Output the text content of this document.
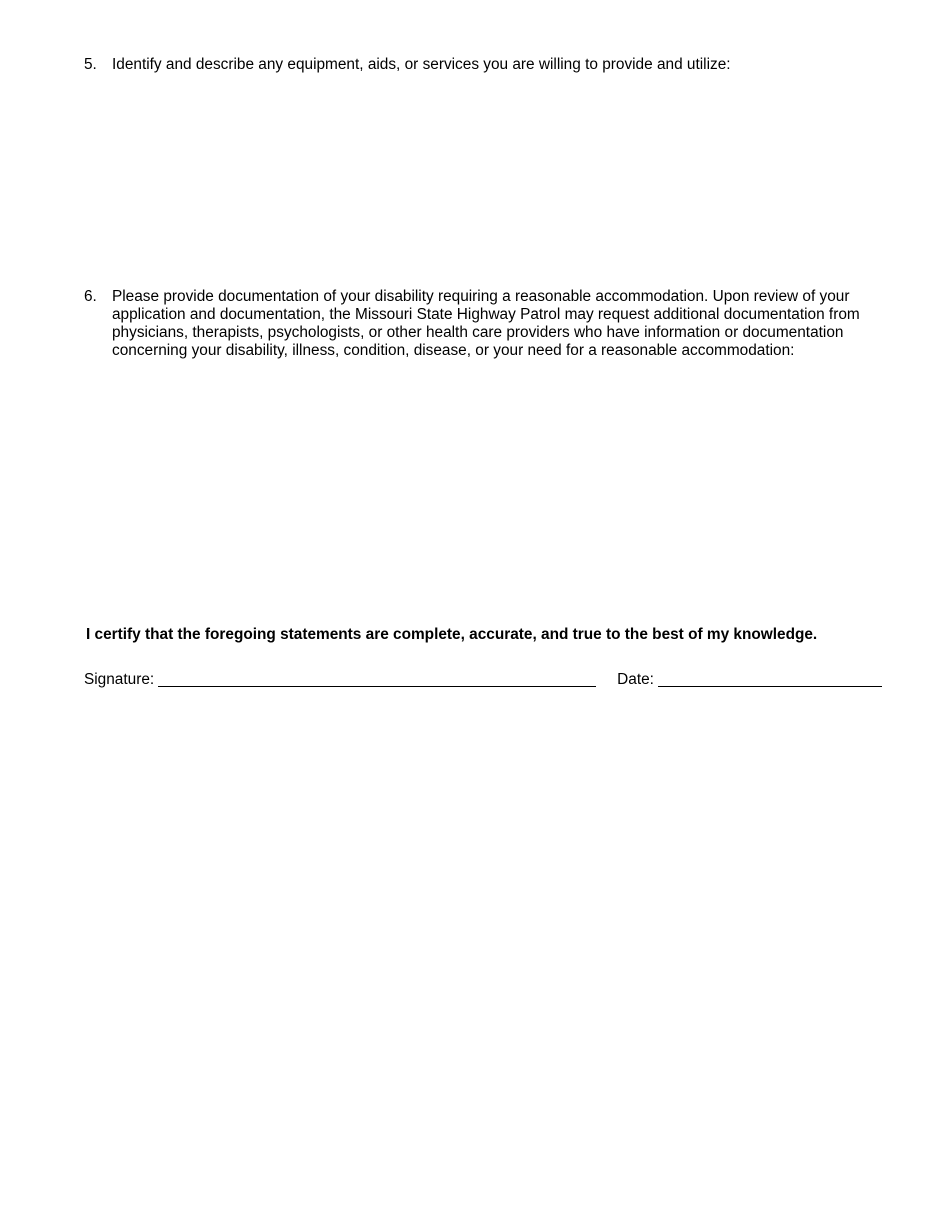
5. Identify and describe any equipment, aids, or services you are willing to provide and utilize:
6. Please provide documentation of your disability requiring a reasonable accommodation. Upon review of your application and documentation, the Missouri State Highway Patrol may request additional documentation from physicians, therapists, psychologists, or other health care providers who have information or documentation concerning your disability, illness, condition, disease, or your need for a reasonable accommodation:
I certify that the foregoing statements are complete, accurate, and true to the best of my knowledge.
Signature:	Date:
